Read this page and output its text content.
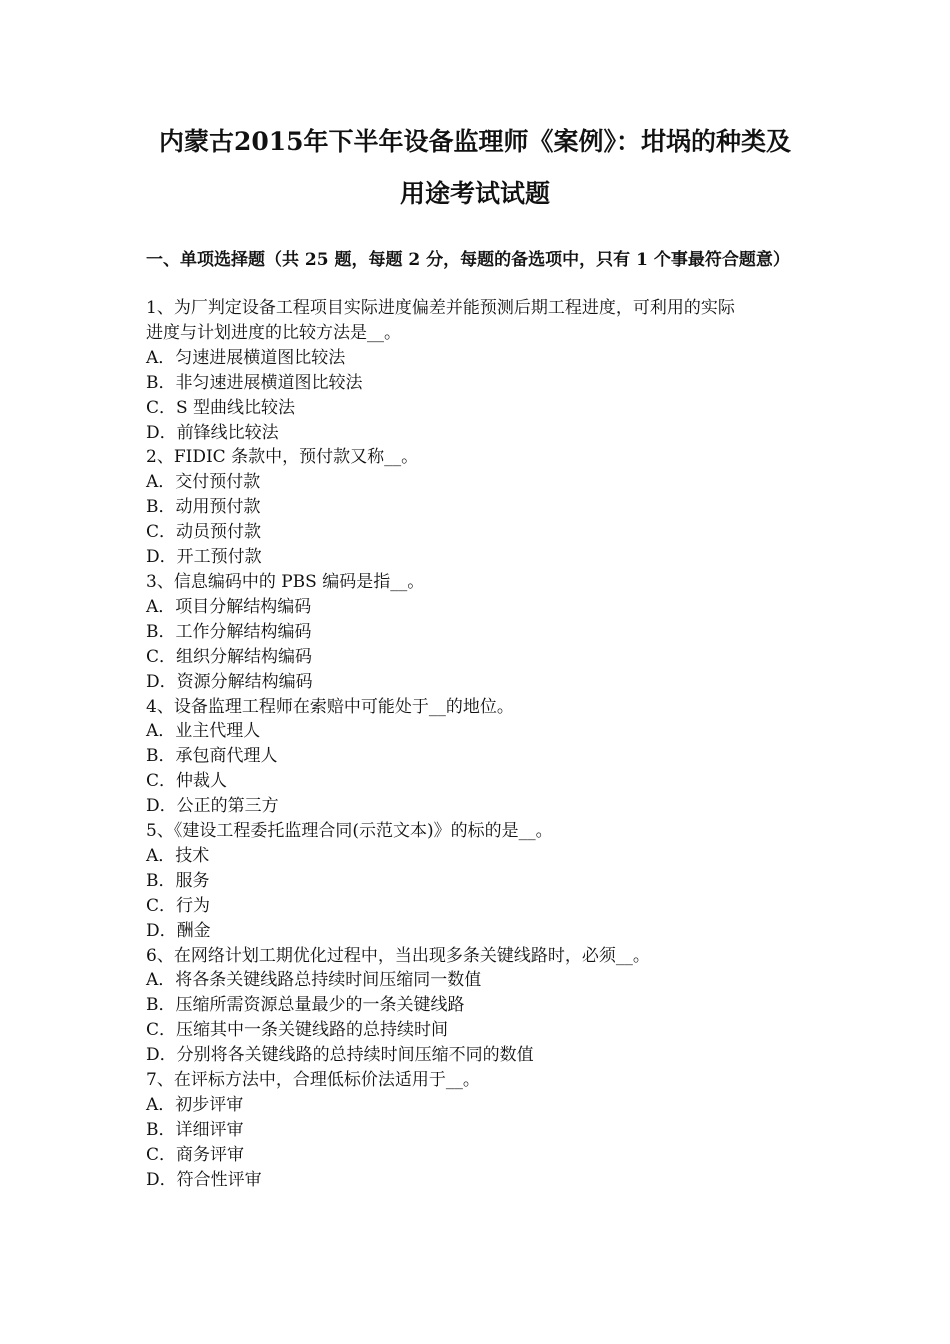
内蒙古2015年下半年设备监理师《案例》：坩埚的种类及
用途考试试题
一、单项选择题（共 25 题，每题 2 分，每题的备选项中，只有 1 个事最符合题意）
1、为厂判定设备工程项目实际进度偏差并能预测后期工程进度，可利用的实际
进度与计划进度的比较方法是__。
A．匀速进展横道图比较法
B．非匀速进展横道图比较法
C．S 型曲线比较法
D．前锋线比较法
2、FIDIC 条款中，预付款又称__。
A．交付预付款
B．动用预付款
C．动员预付款
D．开工预付款
3、信息编码中的 PBS 编码是指__。
A．项目分解结构编码
B．工作分解结构编码
C．组织分解结构编码
D．资源分解结构编码
4、设备监理工程师在索赔中可能处于__的地位。
A．业主代理人
B．承包商代理人
C．仲裁人
D．公正的第三方
5、《建设工程委托监理合同(示范文本)》的标的是__。
A．技术
B．服务
C．行为
D．酬金
6、在网络计划工期优化过程中，当出现多条关键线路时，必须__。
A．将各条关键线路总持续时间压缩同一数值
B．压缩所需资源总量最少的一条关键线路
C．压缩其中一条关键线路的总持续时间
D．分别将各关键线路的总持续时间压缩不同的数值
7、在评标方法中，合理低标价法适用于__。
A．初步评审
B．详细评审
C．商务评审
D．符合性评审
